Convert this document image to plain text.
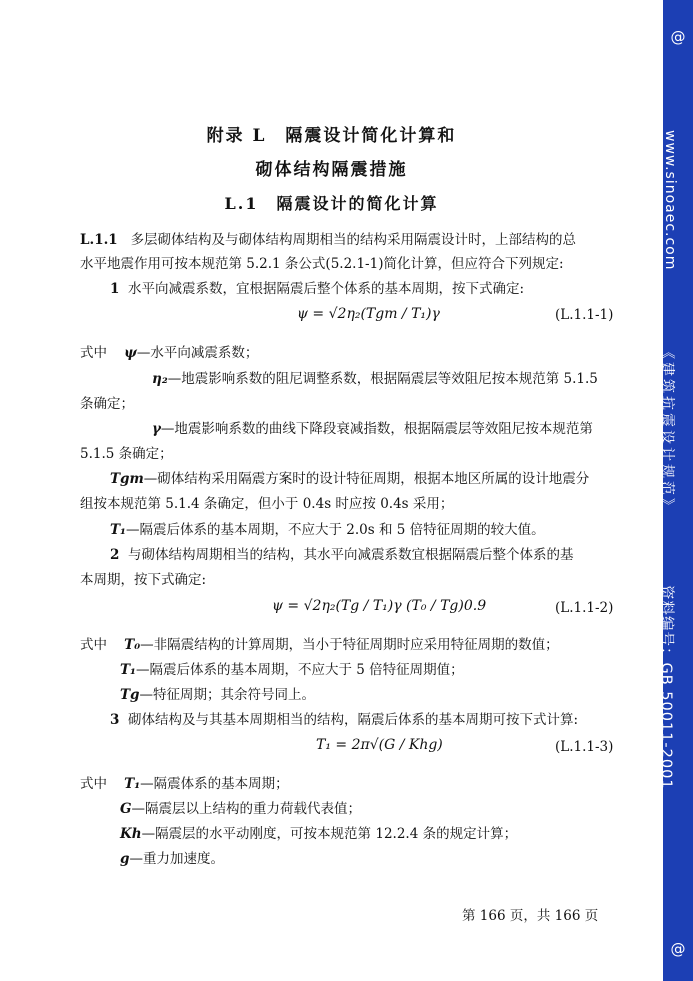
@
www.sinoaec.com
《建筑抗震设计规范》
资料编号：GB 50011-2001
@
附录 L　隔震设计简化计算和
砌体结构隔震措施
L.1　隔震设计的简化计算
L.1.1 多层砌体结构及与砌体结构周期相当的结构采用隔震设计时，上部结构的总
水平地震作用可按本规范第 5.2.1 条公式(5.2.1-1)简化计算，但应符合下列规定:
1 水平向减震系数，宜根据隔震后整个体系的基本周期，按下式确定:
ψ = √2η₂(Tgm / T₁)γ	(L.1.1-1)
式中 ψ—水平向减震系数；
η₂—地震影响系数的阻尼调整系数，根据隔震层等效阻尼按本规范第 5.1.5
条确定；
γ—地震影响系数的曲线下降段衰减指数，根据隔震层等效阻尼按本规范第
5.1.5 条确定；
Tgm—砌体结构采用隔震方案时的设计特征周期，根据本地区所属的设计地震分
组按本规范第 5.1.4 条确定，但小于 0.4s 时应按 0.4s 采用；
T₁—隔震后体系的基本周期，不应大于 2.0s 和 5 倍特征周期的较大值。
2 与砌体结构周期相当的结构，其水平向减震系数宜根据隔震后整个体系的基
本周期，按下式确定:
ψ = √2η₂(Tg / T₁)γ (T₀ / Tg)0.9	(L.1.1-2)
式中 T₀—非隔震结构的计算周期，当小于特征周期时应采用特征周期的数值；
T₁—隔震后体系的基本周期，不应大于 5 倍特征周期值；
Tg—特征周期；其余符号同上。
3 砌体结构及与其基本周期相当的结构，隔震后体系的基本周期可按下式计算:
T₁ = 2π√(G / Khg)	(L.1.1-3)
式中 T₁—隔震体系的基本周期；
G—隔震层以上结构的重力荷载代表值；
Kh—隔震层的水平动刚度，可按本规范第 12.2.4 条的规定计算；
g—重力加速度。
第 166 页，共 166 页
